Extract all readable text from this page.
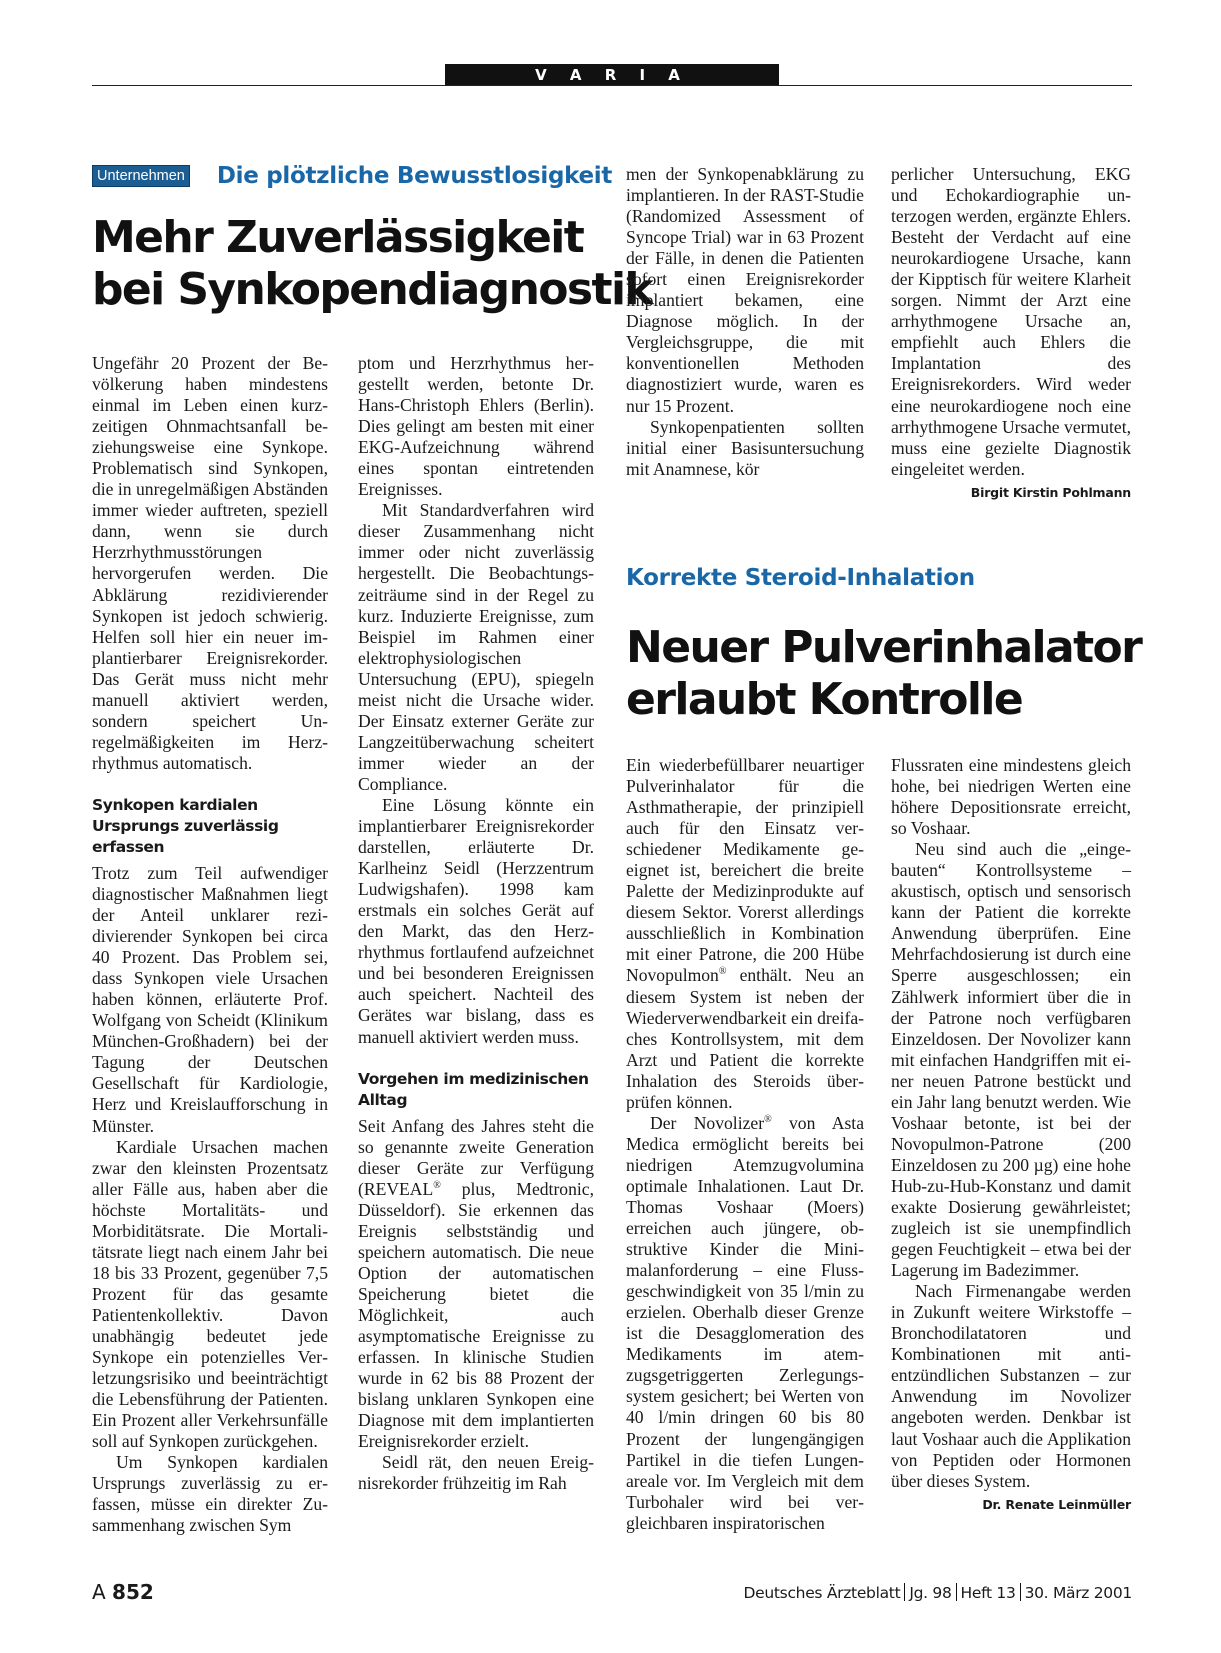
V A R I A
Unternehmen Die plötzliche Bewusstlosigkeit
Mehr Zuverlässigkeit
bei Synkopendiagnostik

Ungefähr 20 Prozent der Bevölkerung haben mindestens einmal im Leben einen kurzzeitigen Ohnmachtsanfall beziehungsweise eine Synkope. Problematisch sind Synkopen, die in unregelmäßigen Abständen immer wieder auftreten, speziell dann, wenn sie durch Herzrhythmusstörungen hervorgerufen werden. Die Abklärung rezidivierender Synkopen ist jedoch schwierig. Helfen soll hier ein neuer implantierbarer Ereignisrekorder. Das Gerät muss nicht mehr manuell aktiviert werden, sondern speichert Unregelmäßigkeiten im Herzrhythmus automatisch.

Synkopen kardialen Ursprungs zuverlässig erfassen

Trotz zum Teil aufwendiger diagnostischer Maßnahmen liegt der Anteil unklarer rezidivierender Synkopen bei circa 40 Prozent. Das Problem sei, dass Synkopen viele Ursachen haben können, erläuterte Prof. Wolfgang von Scheidt (Klinikum München-Großhadern) bei der Tagung der Deutschen Gesellschaft für Kardiologie, Herz und Kreislaufforschung in Münster.

Kardiale Ursachen machen zwar den kleinsten Prozentsatz aller Fälle aus, haben aber die höchste Mortalitäts- und Morbiditätsrate. Die Mortalitätsrate liegt nach einem Jahr bei 18 bis 33 Prozent, gegenüber 7,5 Prozent für das gesamte Patientenkollektiv. Davon unabhängig bedeutet jede Synkope ein potenzielles Verletzungsrisiko und beeinträchtigt die Lebensführung der Patienten. Ein Prozent aller Verkehrsunfälle soll auf Synkopen zurückgehen.

Um Synkopen kardialen Ursprungs zuverlässig zu erfassen, müsse ein direkter Zusammenhang zwischen Sym

ptom und Herzrhythmus hergestellt werden, betonte Dr. Hans-Christoph Ehlers (Berlin). Dies gelingt am besten mit einer EKG-Aufzeichnung während eines spontan eintretenden Ereignisses.

Mit Standardverfahren wird dieser Zusammenhang nicht immer oder nicht zuverlässig hergestellt. Die Beobachtungszeiträume sind in der Regel zu kurz. Induzierte Ereignisse, zum Beispiel im Rahmen einer elektrophysiologischen Untersuchung (EPU), spiegeln meist nicht die Ursache wider. Der Einsatz externer Geräte zur Langzeitüberwachung scheitert immer wieder an der Compliance.

Eine Lösung könnte ein implantierbarer Ereignisrekorder darstellen, erläuterte Dr. Karlheinz Seidl (Herzzentrum Ludwigshafen). 1998 kam erstmals ein solches Gerät auf den Markt, das den Herzrhythmus fortlaufend aufzeichnet und bei besonderen Ereignissen auch speichert. Nachteil des Gerätes war bislang, dass es manuell aktiviert werden muss.

Vorgehen im medizinischen Alltag

Seit Anfang des Jahres steht die so genannte zweite Generation dieser Geräte zur Verfügung (REVEAL® plus, Medtronic, Düsseldorf). Sie erkennen das Ereignis selbstständig und speichern automatisch. Die neue Option der automatischen Speicherung bietet die Möglichkeit, auch asymptomatische Ereignisse zu erfassen. In klinische Studien wurde in 62 bis 88 Prozent der bislang unklaren Synkopen eine Diagnose mit dem implantierten Ereignisrekorder erzielt.

Seidl rät, den neuen Ereignisrekorder frühzeitig im Rah

men der Synkopenabklärung zu implantieren. In der RAST-Studie (Randomized Assessment of Syncope Trial) war in 63 Prozent der Fälle, in denen die Patienten sofort einen Ereignisrekorder implantiert bekamen, eine Diagnose möglich. In der Vergleichsgruppe, die mit konventionellen Methoden diagnostiziert wurde, waren es nur 15 Prozent.

Synkopenpatienten sollten initial einer Basisuntersuchung mit Anamnese, kör

perlicher Untersuchung, EKG und Echokardiographie unterzogen werden, ergänzte Ehlers. Besteht der Verdacht auf eine neurokardiogene Ursache, kann der Kipptisch für weitere Klarheit sorgen. Nimmt der Arzt eine arrhythmogene Ursache an, empfiehlt auch Ehlers die Implantation des Ereignisrekorders. Wird weder eine neurokardiogene noch eine arrhythmogene Ursache vermutet, muss eine gezielte Diagnostik eingeleitet werden.
Birgit Kirstin Pohlmann

Korrekte Steroid-Inhalation
Neuer Pulverinhalator
erlaubt Kontrolle

Ein wiederbefüllbarer neuartiger Pulverinhalator für die Asthmatherapie, der prinzipiell auch für den Einsatz verschiedener Medikamente geeignet ist, bereichert die breite Palette der Medizinprodukte auf diesem Sektor. Vorerst allerdings ausschließlich in Kombination mit einer Patrone, die 200 Hübe Novopulmon® enthält. Neu an diesem System ist neben der Wiederverwendbarkeit ein dreifaches Kontrollsystem, mit dem Arzt und Patient die korrekte Inhalation des Steroids überprüfen können.

Der Novolizer® von Asta Medica ermöglicht bereits bei niedrigen Atemzugvolumina optimale Inhalationen. Laut Dr. Thomas Voshaar (Moers) erreichen auch jüngere, obstruktive Kinder die Minimalanforderung – eine Flussgeschwindigkeit von 35 l/min zu erzielen. Oberhalb dieser Grenze ist die Desagglomeration des Medikaments im atemzugsgetriggerten Zerlegungssystem gesichert; bei Werten von 40 l/min dringen 60 bis 80 Prozent der lungengängigen Partikel in die tiefen Lungenareale vor. Im Vergleich mit dem Turbohaler wird bei vergleichbaren inspiratorischen

Flussraten eine mindestens gleich hohe, bei niedrigen Werten eine höhere Depositionsrate erreicht, so Voshaar.

Neu sind auch die „eingebauten“ Kontrollsysteme – akustisch, optisch und sensorisch kann der Patient die korrekte Anwendung überprüfen. Eine Mehrfachdosierung ist durch eine Sperre ausgeschlossen; ein Zählwerk informiert über die in der Patrone noch verfügbaren Einzeldosen. Der Novolizer kann mit einfachen Handgriffen mit einer neuen Patrone bestückt und ein Jahr lang benutzt werden. Wie Voshaar betonte, ist bei der Novopulmon-Patrone (200 Einzeldosen zu 200 µg) eine hohe Hub-zu-Hub-Konstanz und damit exakte Dosierung gewährleistet; zugleich ist sie unempfindlich gegen Feuchtigkeit – etwa bei der Lagerung im Badezimmer.

Nach Firmenangabe werden in Zukunft weitere Wirkstoffe – Bronchodilatatoren und Kombinationen mit antientzündlichen Substanzen – zur Anwendung im Novolizer angeboten werden. Denkbar ist laut Voshaar auch die Applikation von Peptiden oder Hormonen über dieses System.
Dr. Renate Leinmüller

A 852	Deutsches Ärzteblatt Jg. 98 Heft 13 30. März 2001
